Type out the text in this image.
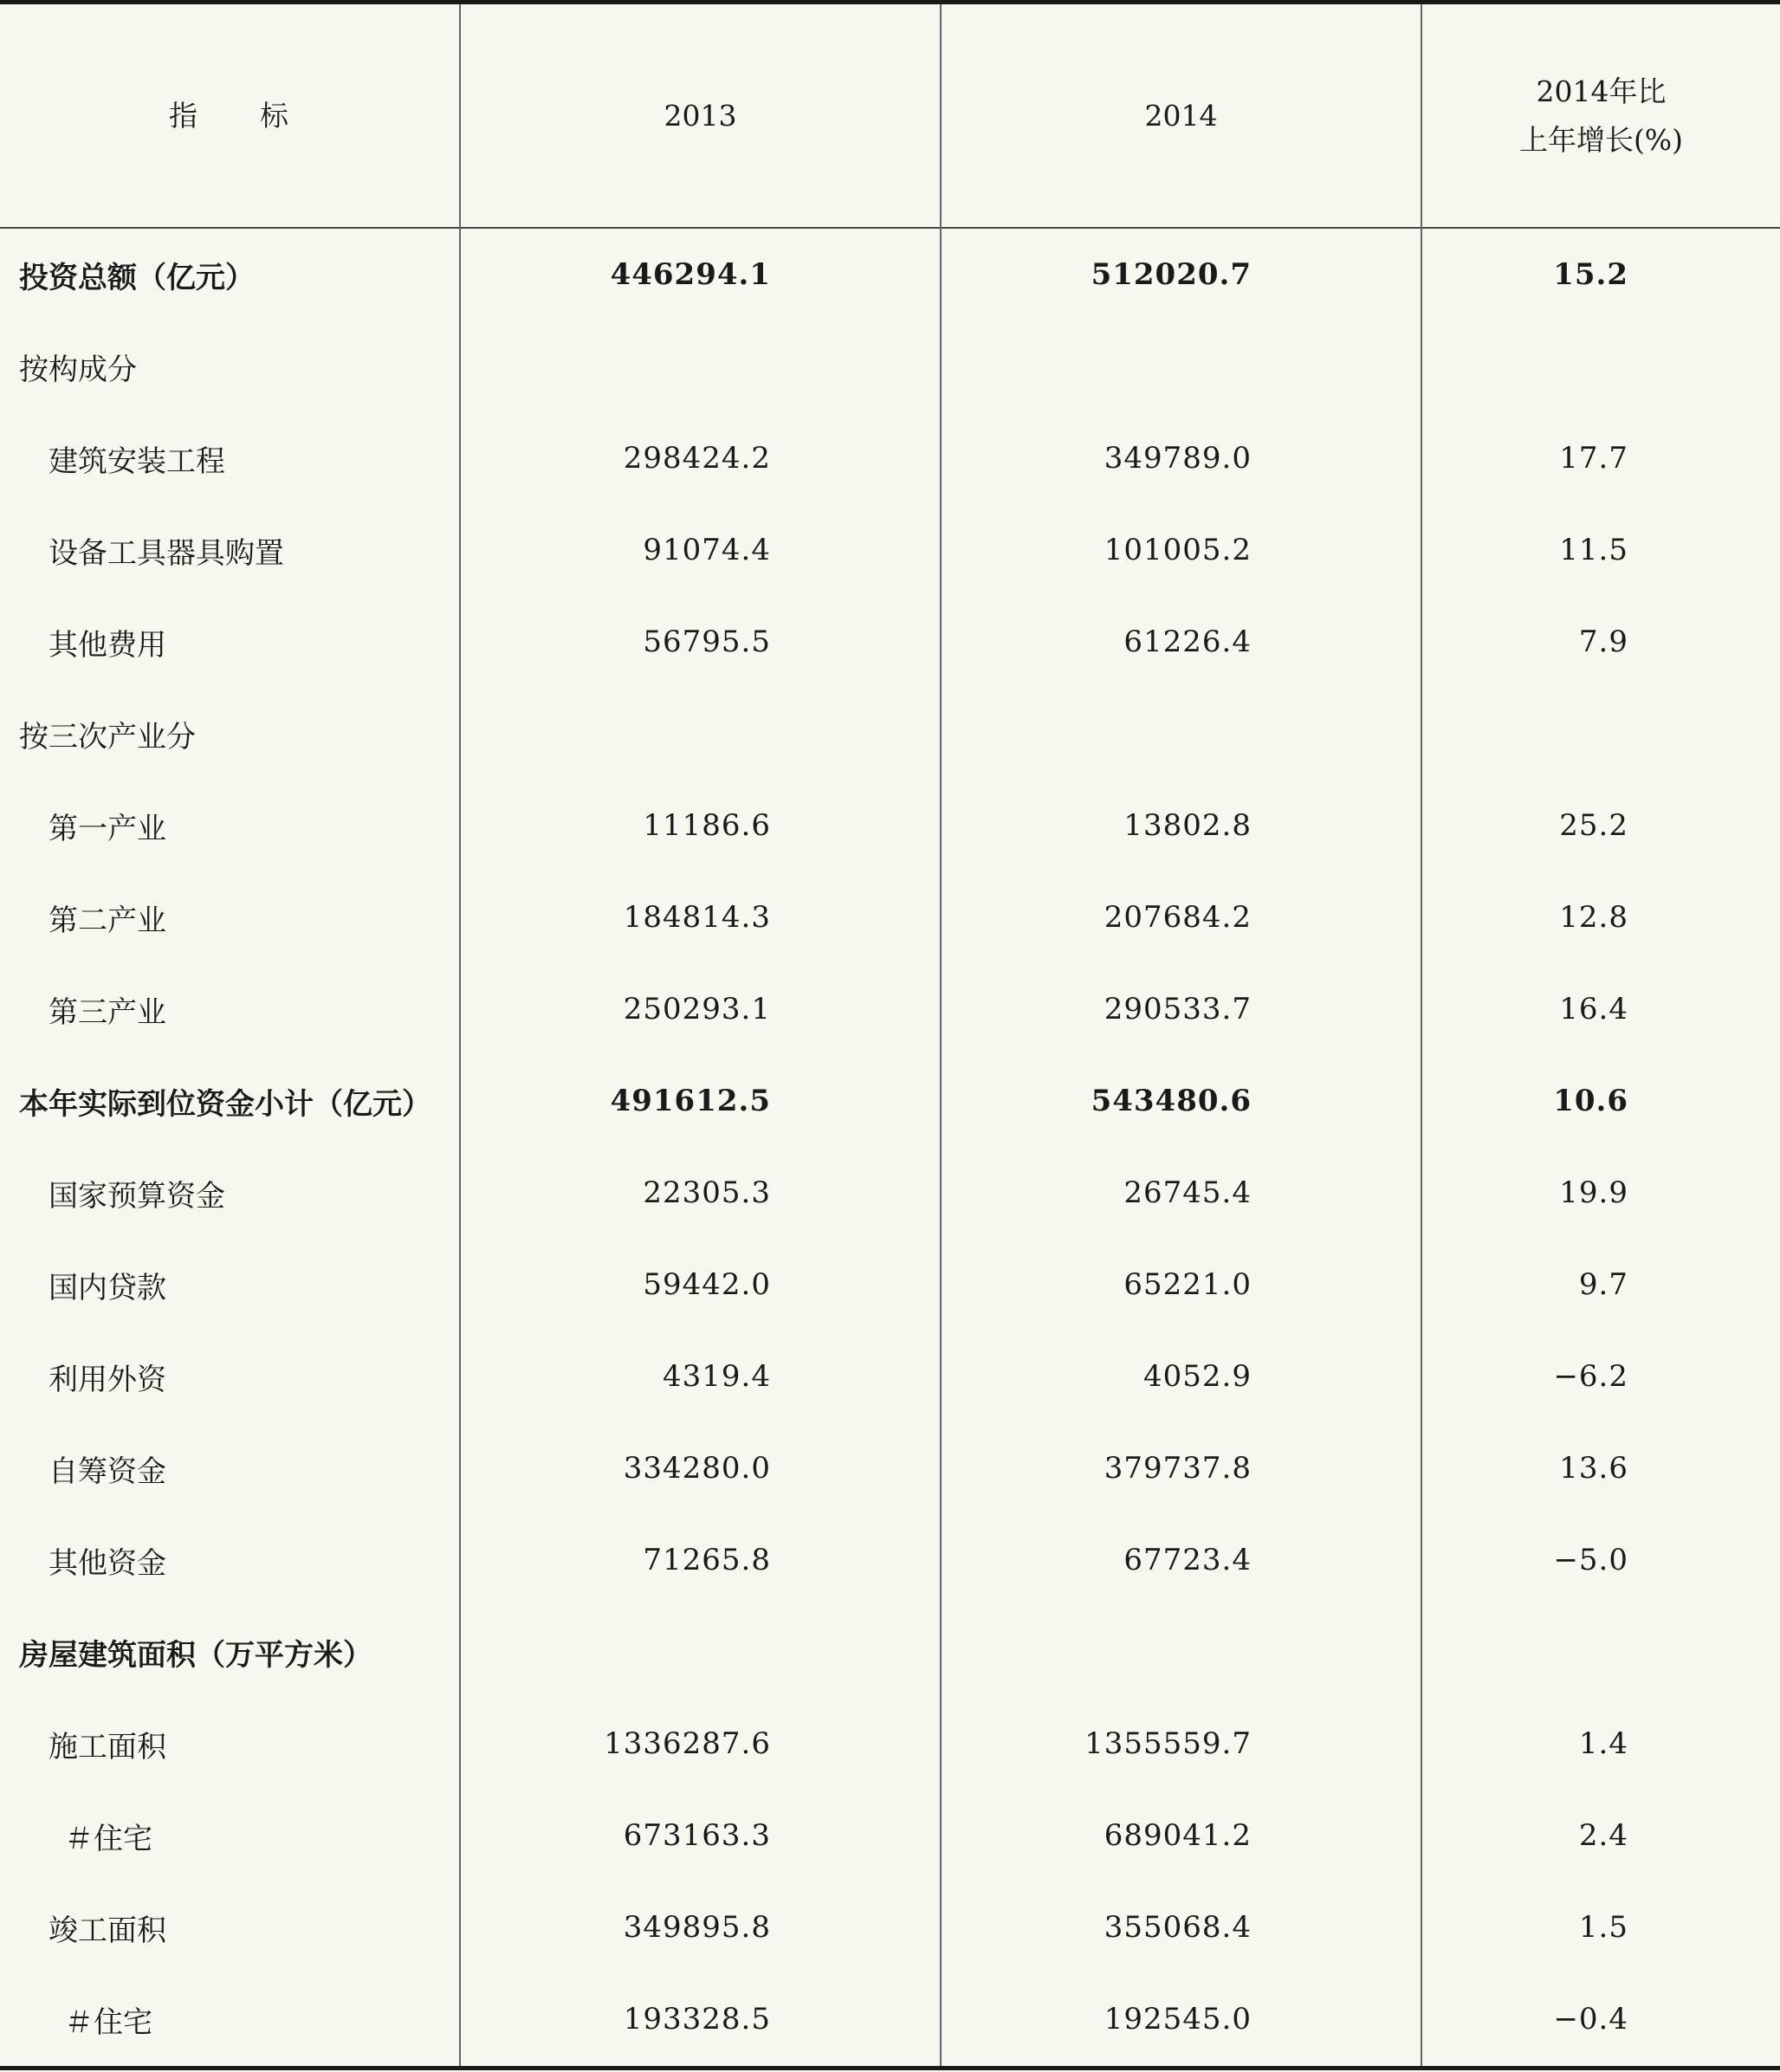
指　　标	2013	2014
2014年比
上年增长(%)
投资总额（亿元）	446294.1	512020.7	15.2
按构成分
建筑安装工程	298424.2	349789.0	17.7
设备工具器具购置	91074.4	101005.2	11.5
其他费用	56795.5	61226.4	7.9
按三次产业分
第一产业	11186.6	13802.8	25.2
第二产业	184814.3	207684.2	12.8
第三产业	250293.1	290533.7	16.4
本年实际到位资金小计（亿元）	491612.5	543480.6	10.6
国家预算资金	22305.3	26745.4	19.9
国内贷款	59442.0	65221.0	9.7
利用外资	4319.4	4052.9	−6.2
自筹资金	334280.0	379737.8	13.6
其他资金	71265.8	67723.4	−5.0
房屋建筑面积（万平方米）
施工面积	1336287.6	1355559.7	1.4
＃住宅	673163.3	689041.2	2.4
竣工面积	349895.8	355068.4	1.5
＃住宅	193328.5	192545.0	−0.4
